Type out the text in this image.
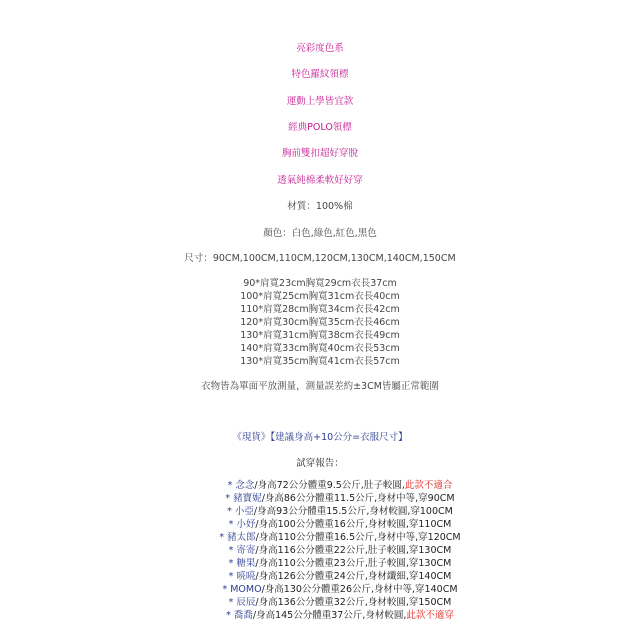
亮彩度色系
特色羅紋領標
運動上學皆宜款
經典POLO領標
胸前雙扣超好穿脫
透氣純棉柔軟好好穿
材質：100%棉
顏色：白色,綠色,紅色,黑色
尺寸：90CM,100CM,110CM,120CM,130CM,140CM,150CM
90*肩寬23cm胸寬29cm衣長37cm
100*肩寬25cm胸寬31cm衣長40cm
110*肩寬28cm胸寬34cm衣長42cm
120*肩寬30cm胸寬35cm衣長46cm
130*肩寬31cm胸寬38cm衣長49cm
140*肩寬33cm胸寬40cm衣長53cm
130*肩寬35cm胸寬41cm衣長57cm
衣物皆為單面平放測量，測量誤差約±3CM皆屬正常範圍
《現貨》【建議身高+10公分=衣服尺寸】
試穿報告：
* 念念/身高72公分體重9.5公斤,肚子較圓,此款不適合
* 豬寶妮/身高86公分體重11.5公斤,身材中等,穿90CM
* 小亞/身高93公分體重15.5公斤,身材較圓,穿100CM
* 小妤/身高100公分體重16公斤,身材較圓,穿110CM
* 豬太郎/身高110公分體重16.5公斤,身材中等,穿120CM
* 寄寄/身高116公分體重22公斤,肚子較圓,穿130CM
* 糖果/身高110公分體重23公斤,肚子較圓,穿130CM
* 喨喨/身高126公分體重24公斤,身材纖細,穿140CM
* MOMO/身高130公分體重26公斤,身材中等,穿140CM
* 辰辰/身高136公分體重32公斤,身材較圓,穿150CM
* 喬喬/身高145公分體重37公斤,身材較圓,此款不適穿
